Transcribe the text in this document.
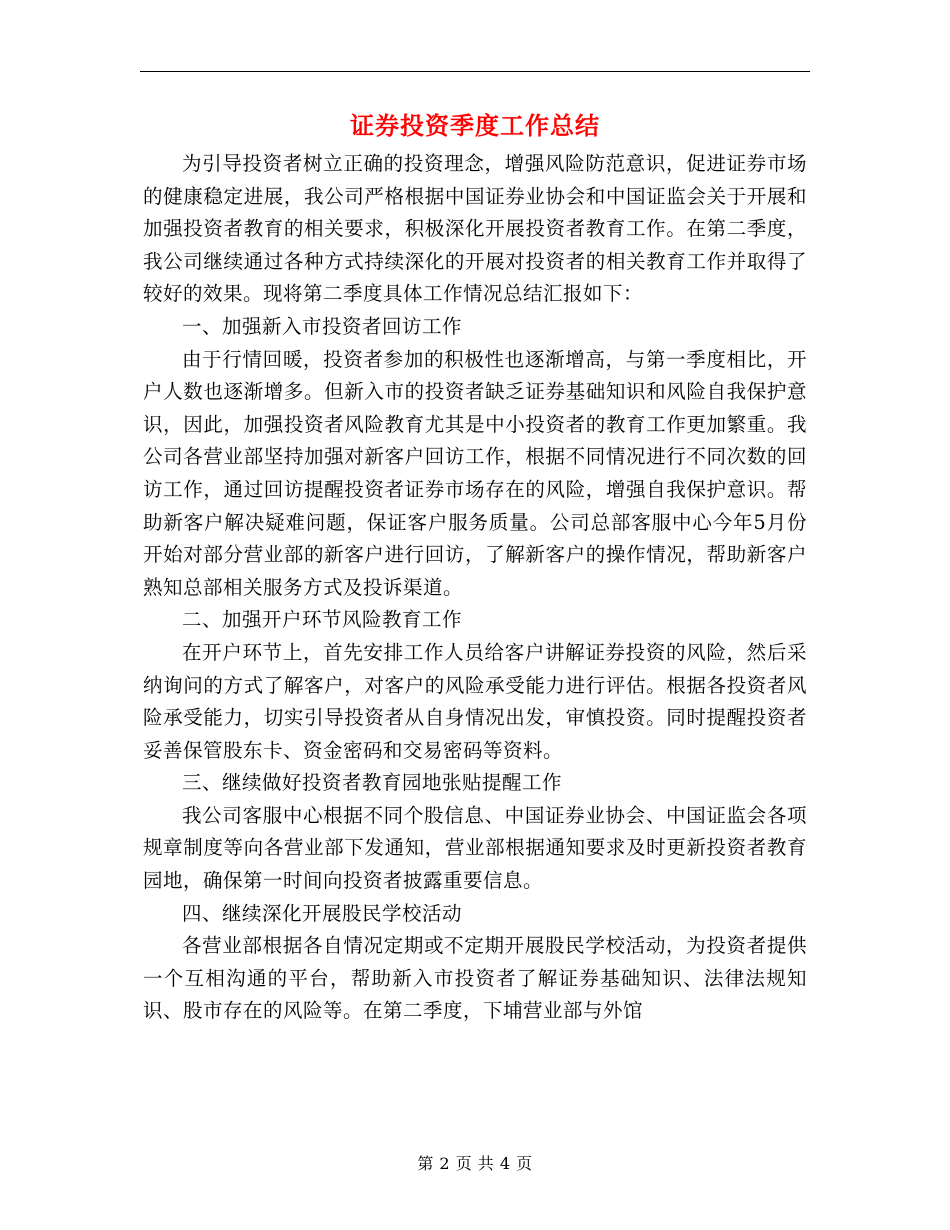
证券投资季度工作总结

为引导投资者树立正确的投资理念，增强风险防范意识，促进证券市场的健康稳定进展，我公司严格根据中国证券业协会和中国证监会关于开展和加强投资者教育的相关要求，积极深化开展投资者教育工作。在第二季度，我公司继续通过各种方式持续深化的开展对投资者的相关教育工作并取得了较好的效果。现将第二季度具体工作情况总结汇报如下：

一、加强新入市投资者回访工作

由于行情回暖，投资者参加的积极性也逐渐增高，与第一季度相比，开户人数也逐渐增多。但新入市的投资者缺乏证券基础知识和风险自我保护意识，因此，加强投资者风险教育尤其是中小投资者的教育工作更加繁重。我公司各营业部坚持加强对新客户回访工作，根据不同情况进行不同次数的回访工作，通过回访提醒投资者证券市场存在的风险，增强自我保护意识。帮助新客户解决疑难问题，保证客户服务质量。公司总部客服中心今年5月份开始对部分营业部的新客户进行回访，了解新客户的操作情况，帮助新客户熟知总部相关服务方式及投诉渠道。

二、加强开户环节风险教育工作

在开户环节上，首先安排工作人员给客户讲解证券投资的风险，然后采纳询问的方式了解客户，对客户的风险承受能力进行评估。根据各投资者风险承受能力，切实引导投资者从自身情况出发，审慎投资。同时提醒投资者妥善保管股东卡、资金密码和交易密码等资料。

三、继续做好投资者教育园地张贴提醒工作

我公司客服中心根据不同个股信息、中国证券业协会、中国证监会各项规章制度等向各营业部下发通知，营业部根据通知要求及时更新投资者教育园地，确保第一时间向投资者披露重要信息。

四、继续深化开展股民学校活动

各营业部根据各自情况定期或不定期开展股民学校活动，为投资者提供一个互相沟通的平台，帮助新入市投资者了解证券基础知识、法律法规知识、股市存在的风险等。在第二季度，下埔营业部与外馆

第 2 页 共 4 页
